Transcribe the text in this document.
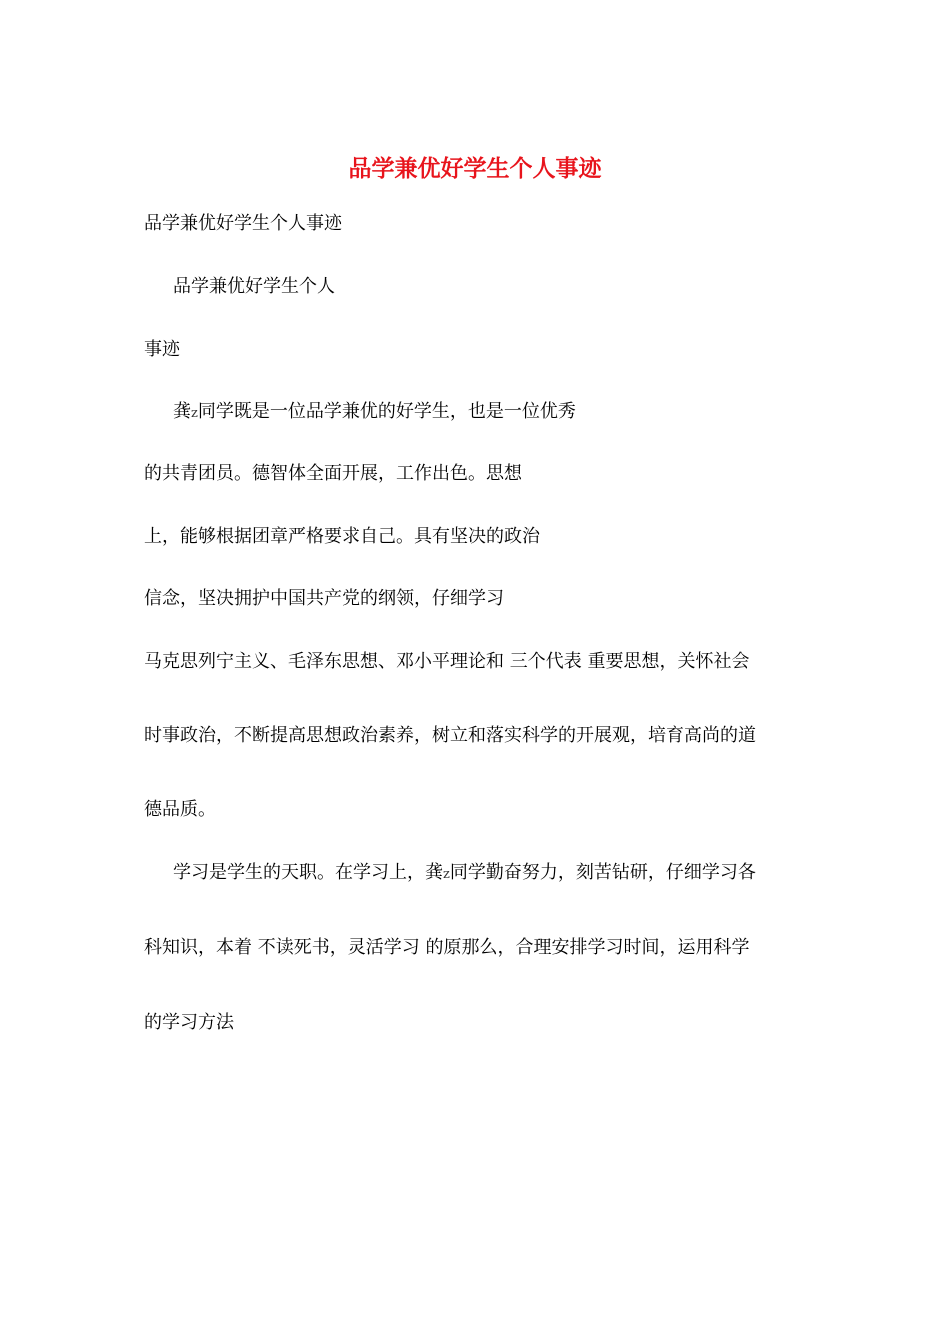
品学兼优好学生个人事迹
品学兼优好学生个人事迹
品学兼优好学生个人
事迹
龚z同学既是一位品学兼优的好学生，也是一位优秀
的共青团员。德智体全面开展，工作出色。思想
上，能够根据团章严格要求自己。具有坚决的政治
信念，坚决拥护中国共产党的纲领，仔细学习
马克思列宁主义、毛泽东思想、邓小平理论和 三个代表 重要思想，关怀社会
时事政治，不断提高思想政治素养，树立和落实科学的开展观，培育高尚的道
德品质。
学习是学生的天职。在学习上，龚z同学勤奋努力，刻苦钻研，仔细学习各
科知识，本着 不读死书，灵活学习 的原那么，合理安排学习时间，运用科学
的学习方法
